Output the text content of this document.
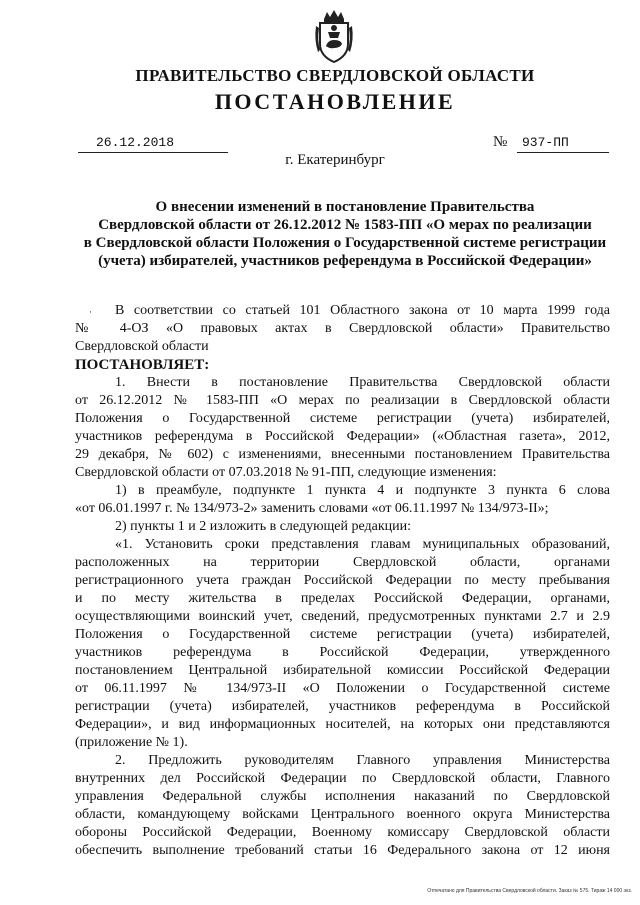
ПРАВИТЕЛЬСТВО СВЕРДЛОВСКОЙ ОБЛАСТИ
ПОСТАНОВЛЕНИЕ
26.12.2018	№ 937-ПП
г. Екатеринбург
О внесении изменений в постановление Правительства
Свердловской области от 26.12.2012 № 1583-ПП «О мерах по реализации
в Свердловской области Положения о Государственной системе регистрации
(учета) избирателей, участников референдума в Российской Федерации»
·	В соответствии со статьей 101 Областного закона от 10 марта 1999 года
№ 4-ОЗ «О правовых актах в Свердловской области» Правительство
Свердловской области
ПОСТАНОВЛЯЕТ:
1. Внести в постановление Правительства Свердловской области
от 26.12.2012 № 1583-ПП «О мерах по реализации в Свердловской области
Положения о Государственной системе регистрации (учета) избирателей,
участников референдума в Российской Федерации» («Областная газета», 2012,
29 декабря, № 602) с изменениями, внесенными постановлением Правительства
Свердловской области от 07.03.2018 № 91-ПП, следующие изменения:
1) в преамбуле, подпункте 1 пункта 4 и подпункте 3 пункта 6 слова
«от 06.01.1997 г. № 134/973-2» заменить словами «от 06.11.1997 № 134/973-II»;
2) пункты 1 и 2 изложить в следующей редакции:
«1. Установить сроки представления главам муниципальных образований,
расположенных на территории Свердловской области, органами
регистрационного учета граждан Российской Федерации по месту пребывания
и по месту жительства в пределах Российской Федерации, органами,
осуществляющими воинский учет, сведений, предусмотренных пунктами 2.7 и 2.9
Положения о Государственной системе регистрации (учета) избирателей,
участников референдума в Российской Федерации, утвержденного
постановлением Центральной избирательной комиссии Российской Федерации
от 06.11.1997 № 134/973-II «О Положении о Государственной системе
регистрации (учета) избирателей, участников референдума в Российской
Федерации», и вид информационных носителей, на которых они представляются
(приложение № 1).
2. Предложить руководителям Главного управления Министерства
внутренних дел Российской Федерации по Свердловской области, Главного
управления Федеральной службы исполнения наказаний по Свердловской
области, командующему войсками Центрального военного округа Министерства
обороны Российской Федерации, Военному комиссару Свердловской области
обеспечить выполнение требований статьи 16 Федерального закона от 12 июня
Отпечатано для Правительства Свердловской области. Заказ № 575. Тираж 14 000 экз.
